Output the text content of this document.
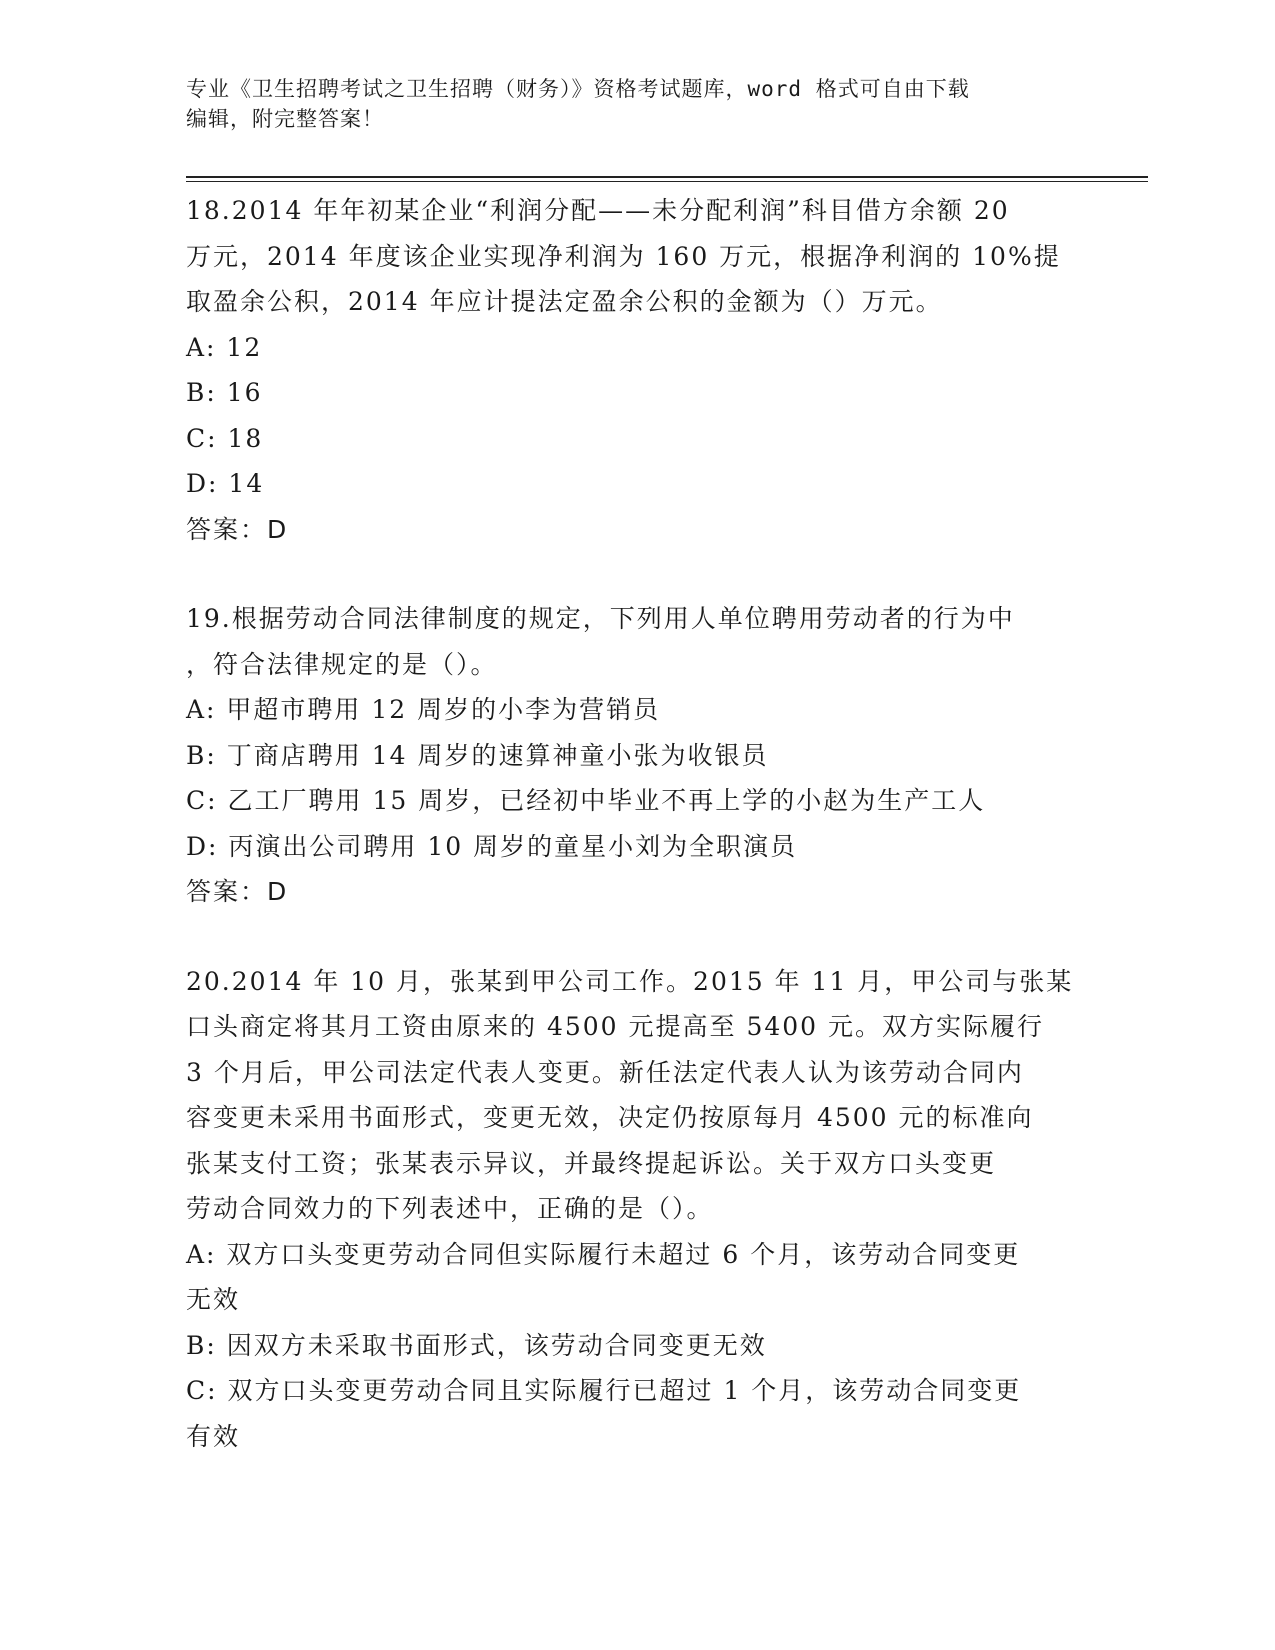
专业《卫生招聘考试之卫生招聘（财务）》资格考试题库，word 格式可自由下载
编辑，附完整答案！
18.2014 年年初某企业“利润分配——未分配利润”科目借方余额 20
万元，2014 年度该企业实现净利润为 160 万元，根据净利润的 10%提
取盈余公积，2014 年应计提法定盈余公积的金额为（）万元。
A: 12
B: 16
C: 18
D: 14
答案：D
19.根据劳动合同法律制度的规定，下列用人单位聘用劳动者的行为中
，符合法律规定的是（）。
A: 甲超市聘用 12 周岁的小李为营销员
B: 丁商店聘用 14 周岁的速算神童小张为收银员
C: 乙工厂聘用 15 周岁，已经初中毕业不再上学的小赵为生产工人
D: 丙演出公司聘用 10 周岁的童星小刘为全职演员
答案：D
20.2014 年 10 月，张某到甲公司工作。2015 年 11 月，甲公司与张某
口头商定将其月工资由原来的 4500 元提高至 5400 元。双方实际履行
3 个月后，甲公司法定代表人变更。新任法定代表人认为该劳动合同内
容变更未采用书面形式，变更无效，决定仍按原每月 4500 元的标准向
张某支付工资；张某表示异议，并最终提起诉讼。关于双方口头变更
劳动合同效力的下列表述中，正确的是（）。
A: 双方口头变更劳动合同但实际履行未超过 6 个月，该劳动合同变更
无效
B: 因双方未采取书面形式，该劳动合同变更无效
C: 双方口头变更劳动合同且实际履行已超过 1 个月，该劳动合同变更
有效
